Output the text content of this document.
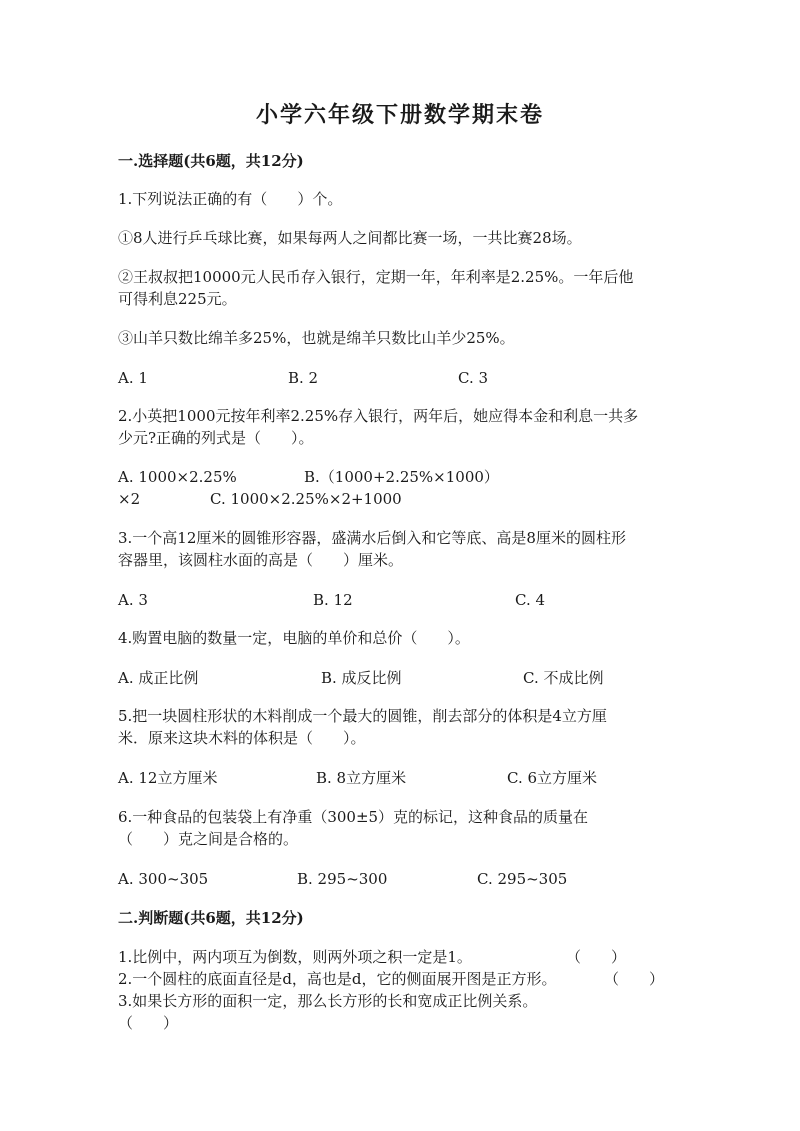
小学六年级下册数学期末卷
一.选择题(共6题，共12分)
1.下列说法正确的有（　　）个。
①8人进行乒乓球比赛，如果每两人之间都比赛一场，一共比赛28场。
②王叔叔把10000元人民币存入银行，定期一年，年利率是2.25%。一年后他
可得利息225元。
③山羊只数比绵羊多25%，也就是绵羊只数比山羊少25%。
A. 1	B. 2	C. 3
2.小英把1000元按年利率2.25%存入银行，两年后，她应得本金和利息一共多
少元?正确的列式是（　　）。
A. 1000×2.25%	B.（1000+2.25%×1000）
×2	C. 1000×2.25%×2+1000
3.一个高12厘米的圆锥形容器，盛满水后倒入和它等底、高是8厘米的圆柱形
容器里，该圆柱水面的高是（　　）厘米。
A. 3	B. 12	C. 4
4.购置电脑的数量一定，电脑的单价和总价（　　）。
A. 成正比例	B. 成反比例	C. 不成比例
5.把一块圆柱形状的木料削成一个最大的圆锥，削去部分的体积是4立方厘
米．原来这块木料的体积是（　　）。
A. 12立方厘米	B. 8立方厘米	C. 6立方厘米
6.一种食品的包装袋上有净重（300±5）克的标记，这种食品的质量在
（　　）克之间是合格的。
A. 300~305	B. 295~300	C. 295~305
二.判断题(共6题，共12分)
1.比例中，两内项互为倒数，则两外项之积一定是1。	（　　）
2.一个圆柱的底面直径是d，高也是d，它的侧面展开图是正方形。	（　　）
3.如果长方形的面积一定，那么长方形的长和宽成正比例关系。
（　　）
